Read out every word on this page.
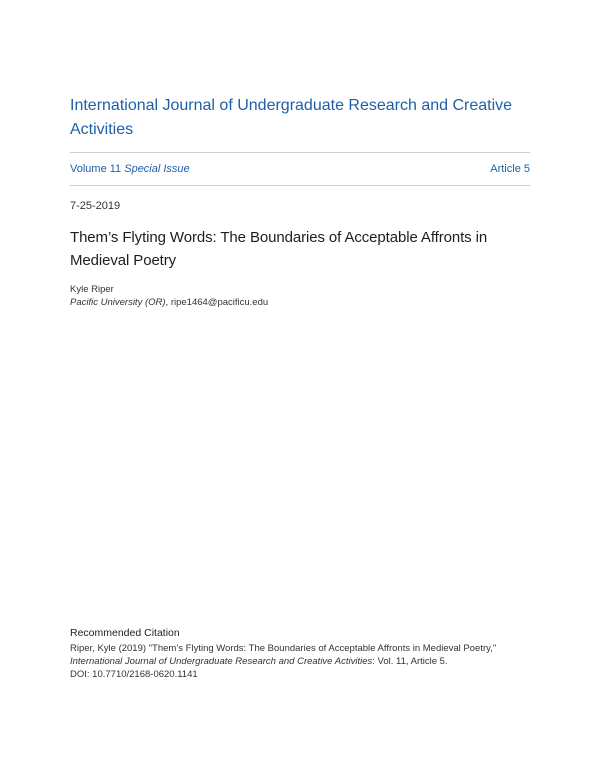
International Journal of Undergraduate Research and Creative Activities
Volume 11 Special Issue	Article 5
7-25-2019
Them’s Flyting Words: The Boundaries of Acceptable Affronts in Medieval Poetry
Kyle Riper
Pacific University (OR), ripe1464@pacificu.edu
Recommended Citation
Riper, Kyle (2019) "Them’s Flyting Words: The Boundaries of Acceptable Affronts in Medieval Poetry,"
International Journal of Undergraduate Research and Creative Activities: Vol. 11, Article 5.
DOI: 10.7710/2168-0620.1141
